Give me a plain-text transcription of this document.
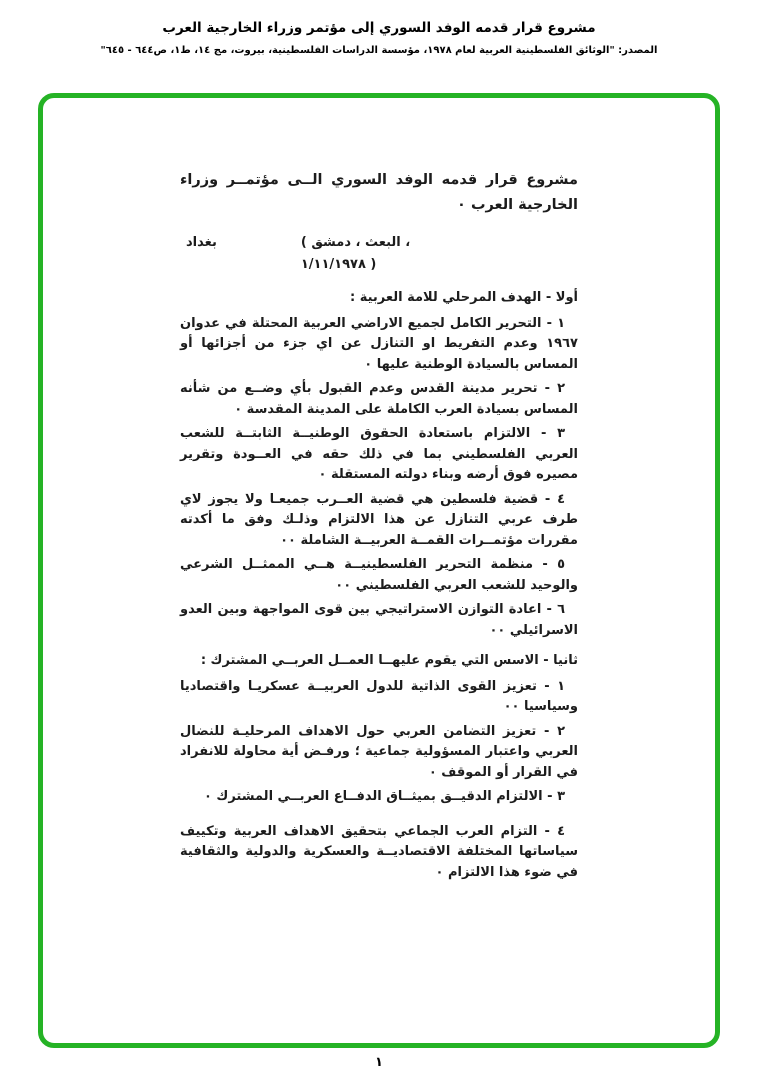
مشروع قرار قدمه الوفد السوري إلى مؤتمر وزراء الخارجية العرب
المصدر: "الوثائق الفلسطينية العربية لعام ١٩٧٨، مؤسسة الدراسات الفلسطينية، بيروت، مج ١٤، ط١، ص٦٤٤ - ٦٤٥"
مشروع قرار قدمه الوفد السوري الــى مؤتمــر وزراء
الخارجية العرب ٠
بغداد	( البعث ، دمشق ،
١/١١/١٩٧٨ )

أولا - الهدف المرحلي للامة العربية :

١ - التحرير الكامل لجميع الاراضي العربية المحتلة في عدوان ١٩٦٧ وعدم التفريط او التنازل عن اي جزء من أجزائها أو المساس بالسيادة الوطنية عليها ٠

٢ - تحرير مدينة القدس وعدم القبول بأي وضــع من شأنه المساس بسيادة العرب الكاملة على المدينة المقدسة ٠

٣ - الالتزام باستعادة الحقوق الوطنيــة الثابتــة للشعب العربي الفلسطيني بما في ذلك حقه في العــودة وتقرير مصيره فوق أرضه وبناء دولته المستقلة ٠

٤ - قضية فلسطين هي قضية العــرب جميعـا ولا يجوز لاي طرف عربي التنازل عن هذا الالتزام وذلـك وفق ما أكدته مقررات مؤتمــرات القمــة العربيــة الشاملة ٠٠

٥ - منظمة التحرير الفلسطينيــة هــي الممثــل الشرعي والوحيد للشعب العربي الفلسطيني ٠٠

٦ - اعادة التوازن الاستراتيجي بين قوى المواجهة وبين العدو الاسرائيلي ٠٠

ثانيا - الاسس التي يقوم عليهــا العمــل العربــي المشترك :

١ - تعزيز القوى الذاتية للدول العربيــة عسكريـا واقتصاديا وسياسيا ٠٠

٢ - تعزيز التضامن العربي حول الاهداف المرحليـة للنضال العربي واعتبار المسؤولية جماعية ؛ ورفـض أية محاولة للانفراد في القرار أو الموقف ٠

٣ - الالتزام الدقيــق بميثــاق الدفــاع العربــي المشترك ٠

٤ - التزام العرب الجماعي بتحقيق الاهداف العربية وتكييف سياساتها المختلفة الاقتصاديــة والعسكرية والدولية والثقافية في ضوء هذا الالتزام ٠

١
